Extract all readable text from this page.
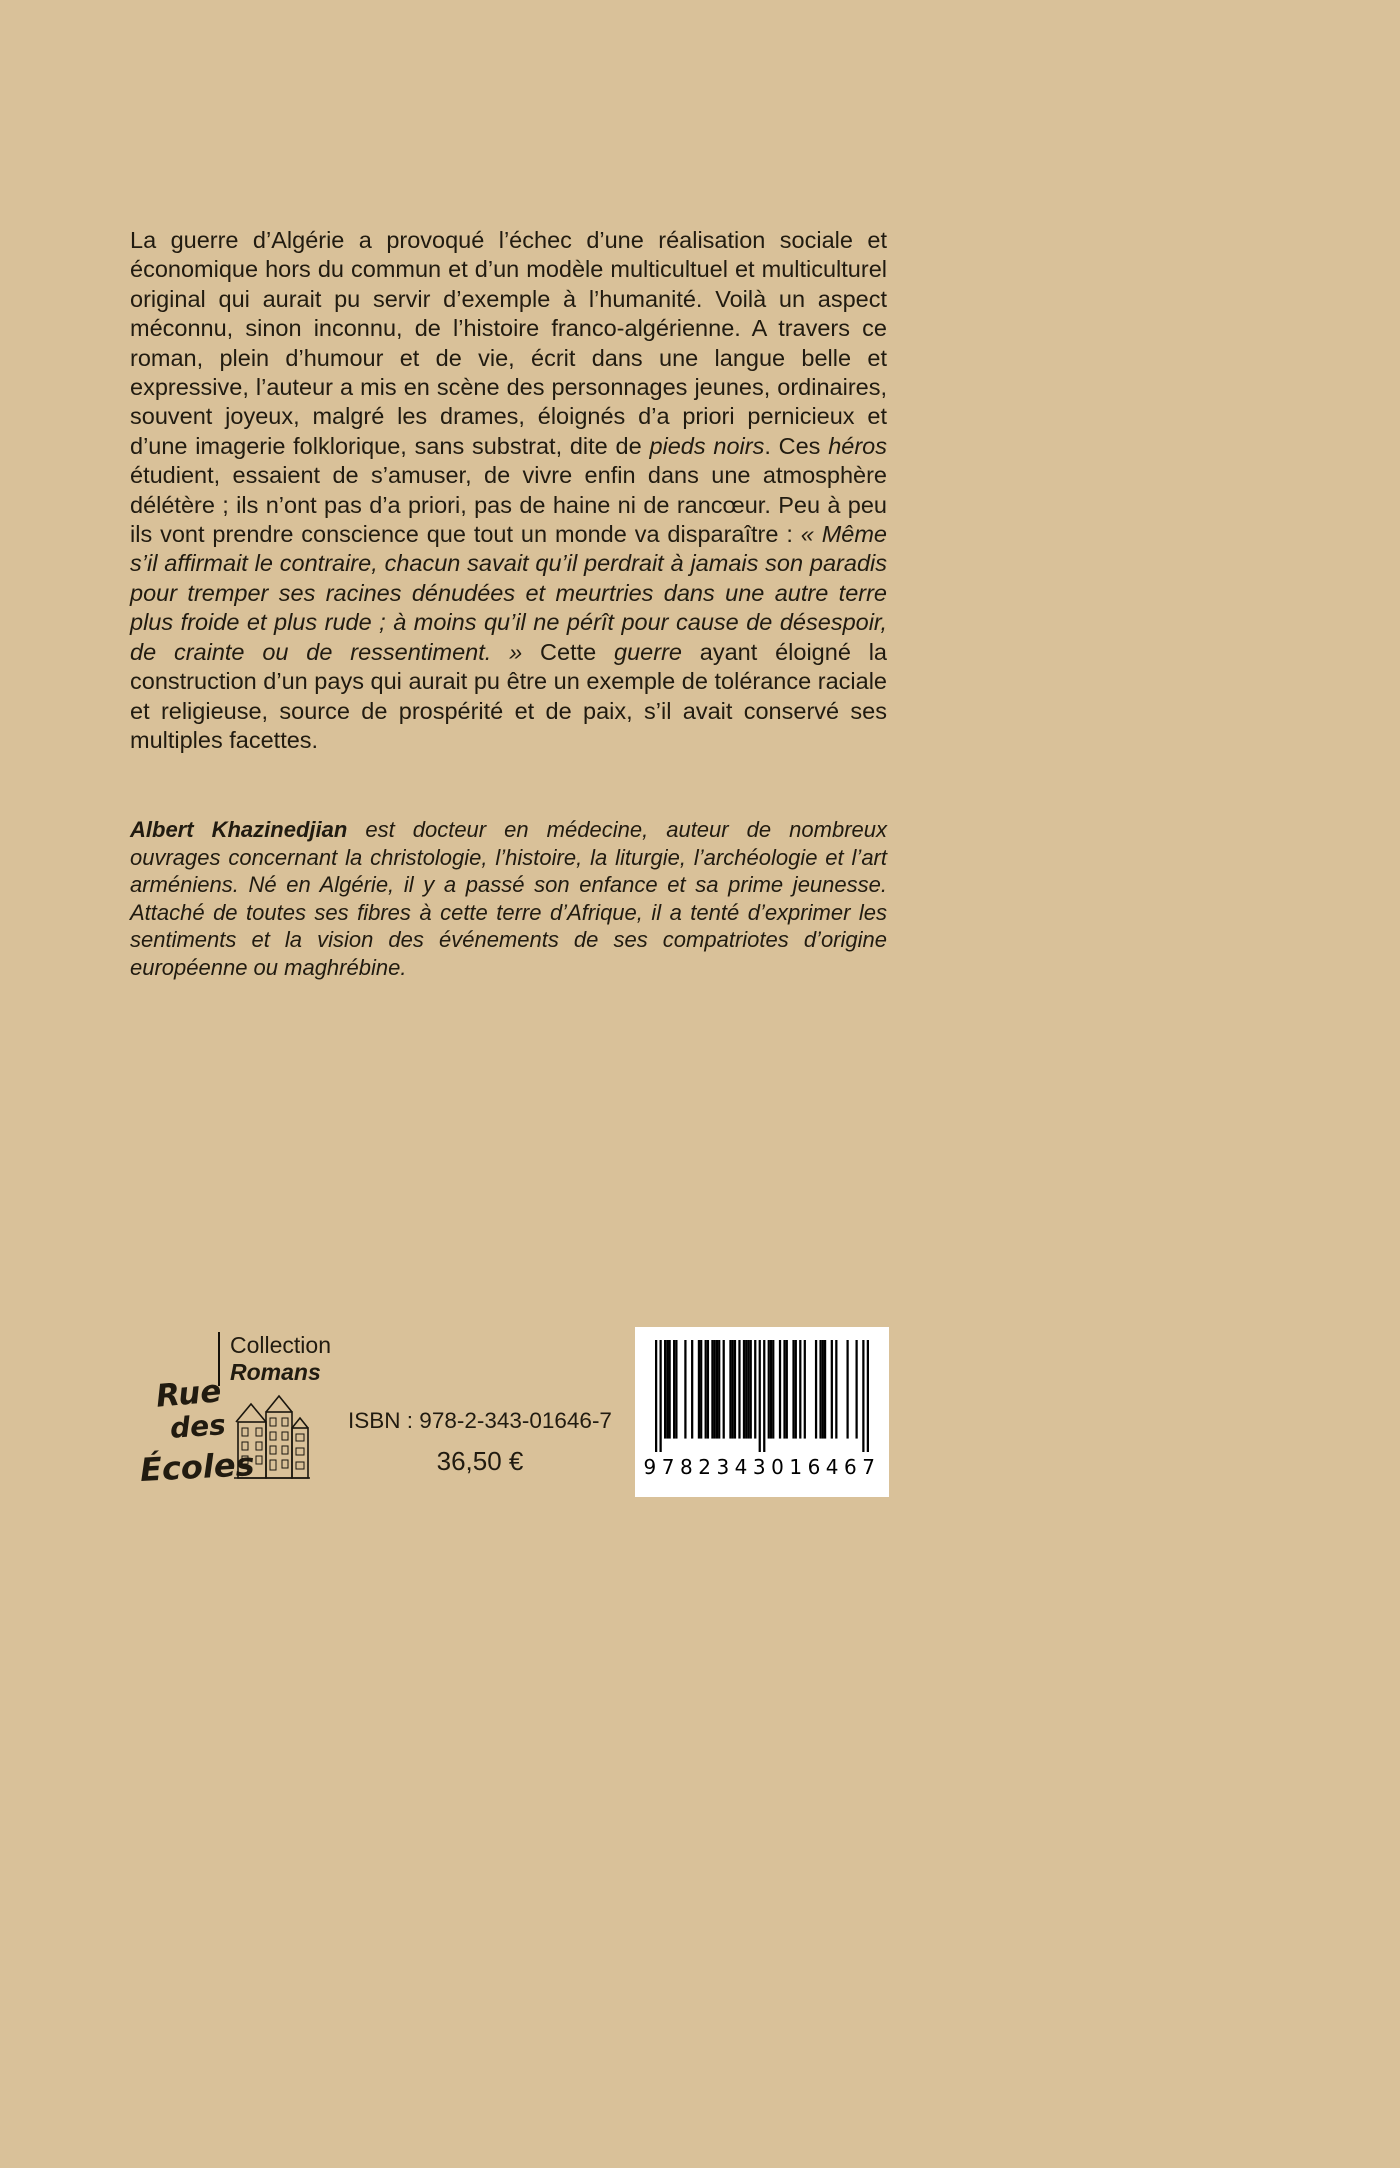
La guerre d’Algérie a provoqué l’échec d’une réalisation sociale et économique hors du commun et d’un modèle multicultuel et multiculturel original qui aurait pu servir d’exemple à l’humanité. Voilà un aspect méconnu, sinon inconnu, de l’histoire franco-algérienne. A travers ce roman, plein d’humour et de vie, écrit dans une langue belle et expressive, l’auteur a mis en scène des personnages jeunes, ordinaires, souvent joyeux, malgré les drames, éloignés d’a priori pernicieux et d’une imagerie folklorique, sans substrat, dite de pieds noirs. Ces héros étudient, essaient de s’amuser, de vivre enfin dans une atmosphère délétère ; ils n’ont pas d’a priori, pas de haine ni de rancœur. Peu à peu ils vont prendre conscience que tout un monde va disparaître : « Même s’il affirmait le contraire, chacun savait qu’il perdrait à jamais son paradis pour tremper ses racines dénudées et meurtries dans une autre terre plus froide et plus rude ; à moins qu’il ne pérît pour cause de désespoir, de crainte ou de ressentiment. » Cette guerre ayant éloigné la construction d’un pays qui aurait pu être un exemple de tolérance raciale et religieuse, source de prospérité et de paix, s’il avait conservé ses multiples facettes.

Albert Khazinedjian est docteur en médecine, auteur de nombreux ouvrages concernant la christologie, l’histoire, la liturgie, l’archéologie et l’art arméniens. Né en Algérie, il y a passé son enfance et sa prime jeunesse. Attaché de toutes ses fibres à cette terre d’Afrique, il a tenté d’exprimer les sentiments et la vision des événements de ses compatriotes d’origine européenne ou maghrébine.

Collection
Romans
Rue
des
Écoles
ISBN : 978-2-343-01646-7
36,50 €	9782343016467
